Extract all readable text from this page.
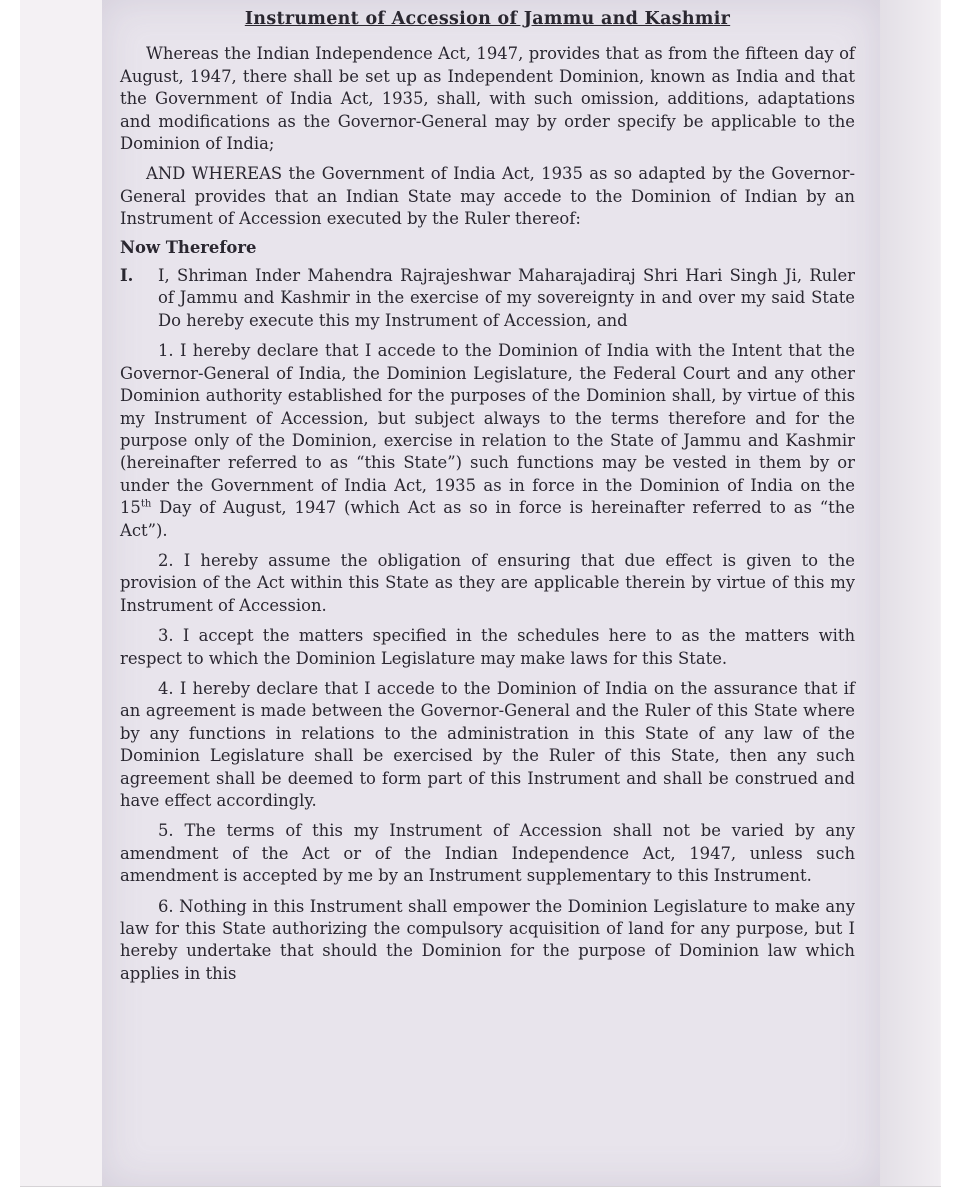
Instrument of Accession of Jammu and Kashmir

Whereas the Indian Independence Act, 1947, provides that as from the fifteen day of August, 1947, there shall be set up as Independent Dominion, known as India and that the Government of India Act, 1935, shall, with such omission, additions, adaptations and modifications as the Governor-General may by order specify be applicable to the Dominion of India;

AND WHEREAS the Government of India Act, 1935 as so adapted by the Governor-General provides that an Indian State may accede to the Dominion of Indian by an Instrument of Accession executed by the Ruler thereof:

Now Therefore
I.	I, Shriman Inder Mahendra Rajrajeshwar Maharajadiraj Shri Hari Singh Ji, Ruler of Jammu and Kashmir in the exercise of my sovereignty in and over my said State Do hereby execute this my Instrument of Accession, and

1. I hereby declare that I accede to the Dominion of India with the Intent that the Governor-General of India, the Dominion Legislature, the Federal Court and any other Dominion authority established for the purposes of the Dominion shall, by virtue of this my Instrument of Accession, but subject always to the terms therefore and for the purpose only of the Dominion, exercise in relation to the State of Jammu and Kashmir (hereinafter referred to as “this State”) such functions may be vested in them by or under the Government of India Act, 1935 as in force in the Dominion of India on the 15th Day of August, 1947 (which Act as so in force is hereinafter referred to as “the Act”).

2. I hereby assume the obligation of ensuring that due effect is given to the provision of the Act within this State as they are applicable therein by virtue of this my Instrument of Accession.

3. I accept the matters specified in the schedules here to as the matters with respect to which the Dominion Legislature may make laws for this State.

4. I hereby declare that I accede to the Dominion of India on the assurance that if an agreement is made between the Governor-General and the Ruler of this State where by any functions in relations to the administration in this State of any law of the Dominion Legislature shall be exercised by the Ruler of this State, then any such agreement shall be deemed to form part of this Instrument and shall be construed and have effect accordingly.

5. The terms of this my Instrument of Accession shall not be varied by any amendment of the Act or of the Indian Independence Act, 1947, unless such amendment is accepted by me by an Instrument supplementary to this Instrument.

6. Nothing in this Instrument shall empower the Dominion Legislature to make any law for this State authorizing the compulsory acquisition of land for any purpose, but I hereby undertake that should the Dominion for the purpose of Dominion law which applies in this
